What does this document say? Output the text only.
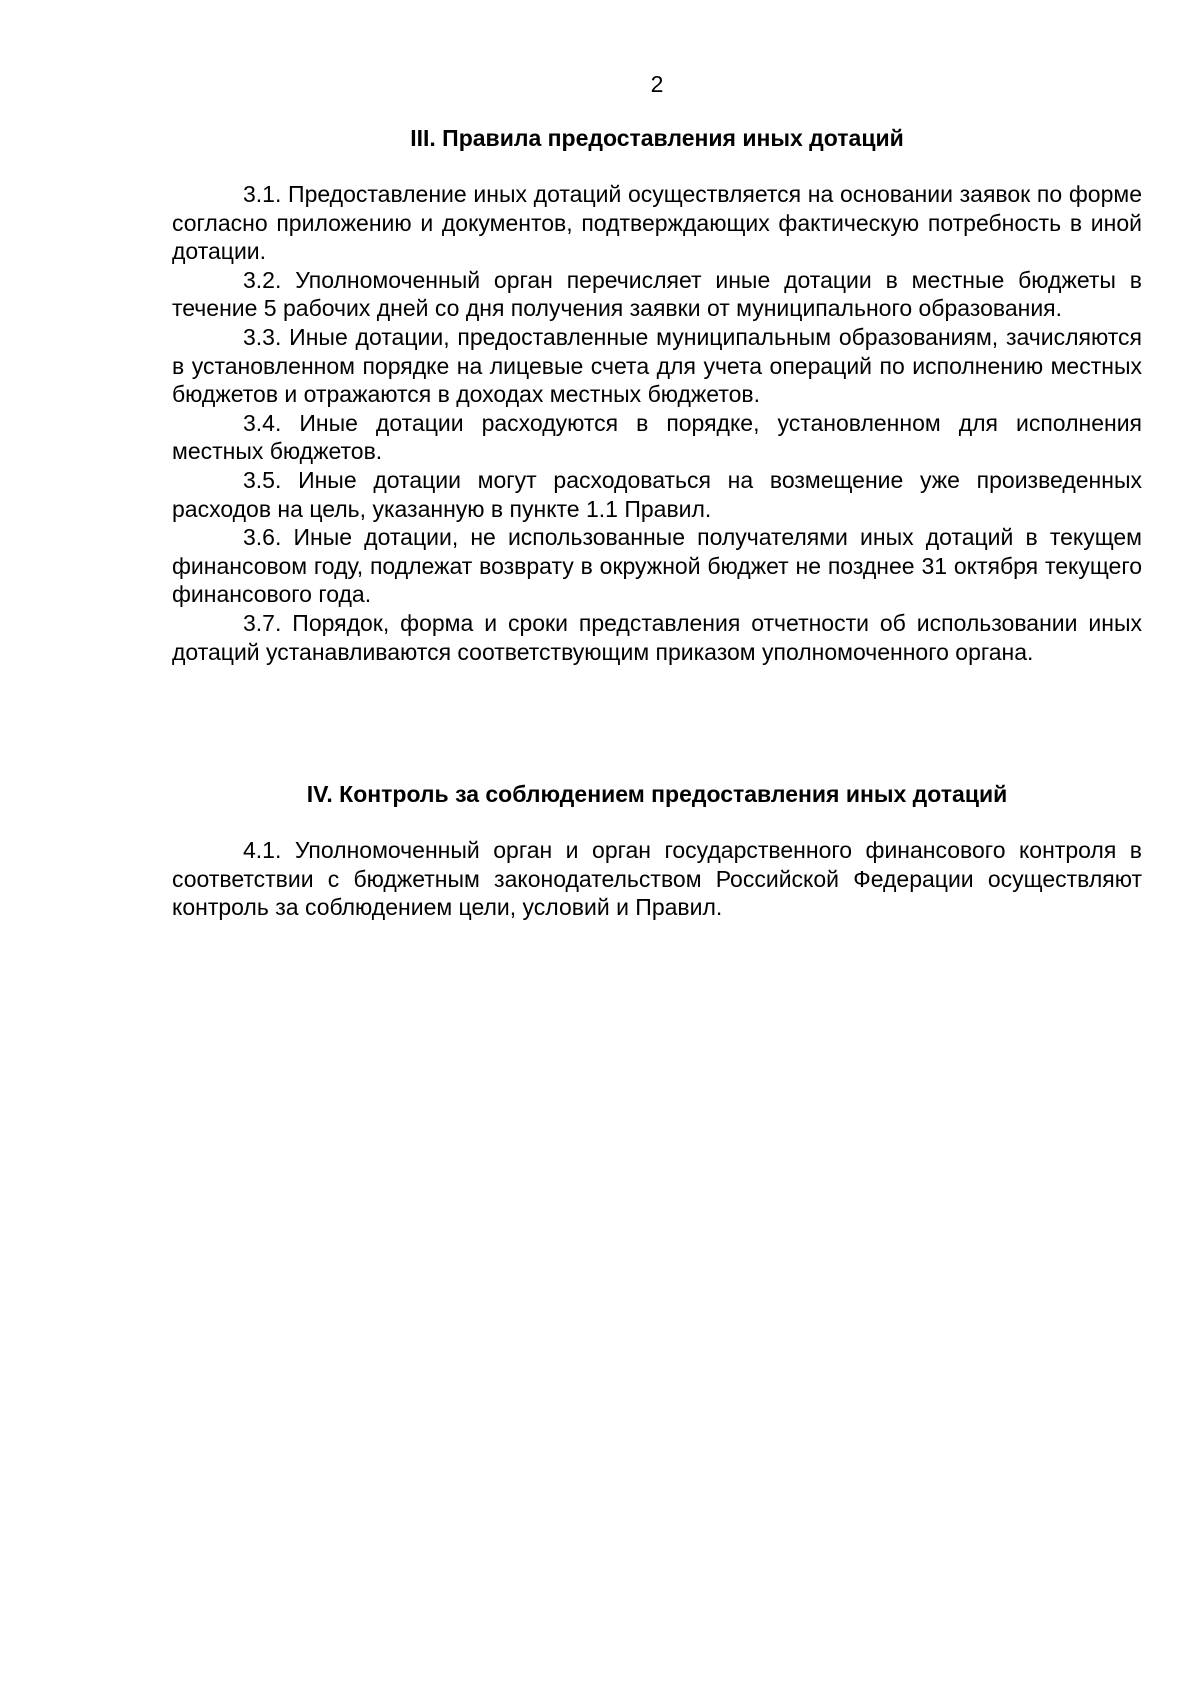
2
III. Правила предоставления иных дотаций

3.1. Предоставление иных дотаций осуществляется на основании заявок по форме согласно приложению и документов, подтверждающих фактическую потребность в иной дотации.

3.2. Уполномоченный орган перечисляет иные дотации в местные бюджеты в течение 5 рабочих дней со дня получения заявки от муниципального образования.

3.3. Иные дотации, предоставленные муниципальным образованиям, зачисляются в установленном порядке на лицевые счета для учета операций по исполнению местных бюджетов и отражаются в доходах местных бюджетов.

3.4. Иные дотации расходуются в порядке, установленном для исполнения местных бюджетов.

3.5. Иные дотации могут расходоваться на возмещение уже произведенных расходов на цель, указанную в пункте 1.1 Правил.

3.6. Иные дотации, не использованные получателями иных дотаций в текущем финансовом году, подлежат возврату в окружной бюджет не позднее 31 октября текущего финансового года.

3.7. Порядок, форма и сроки представления отчетности об использовании иных дотаций устанавливаются соответствующим приказом уполномоченного органа.

IV. Контроль за соблюдением предоставления иных дотаций

4.1. Уполномоченный орган и орган государственного финансового контроля в соответствии с бюджетным законодательством Российской Федерации осуществляют контроль за соблюдением цели, условий и Правил.
